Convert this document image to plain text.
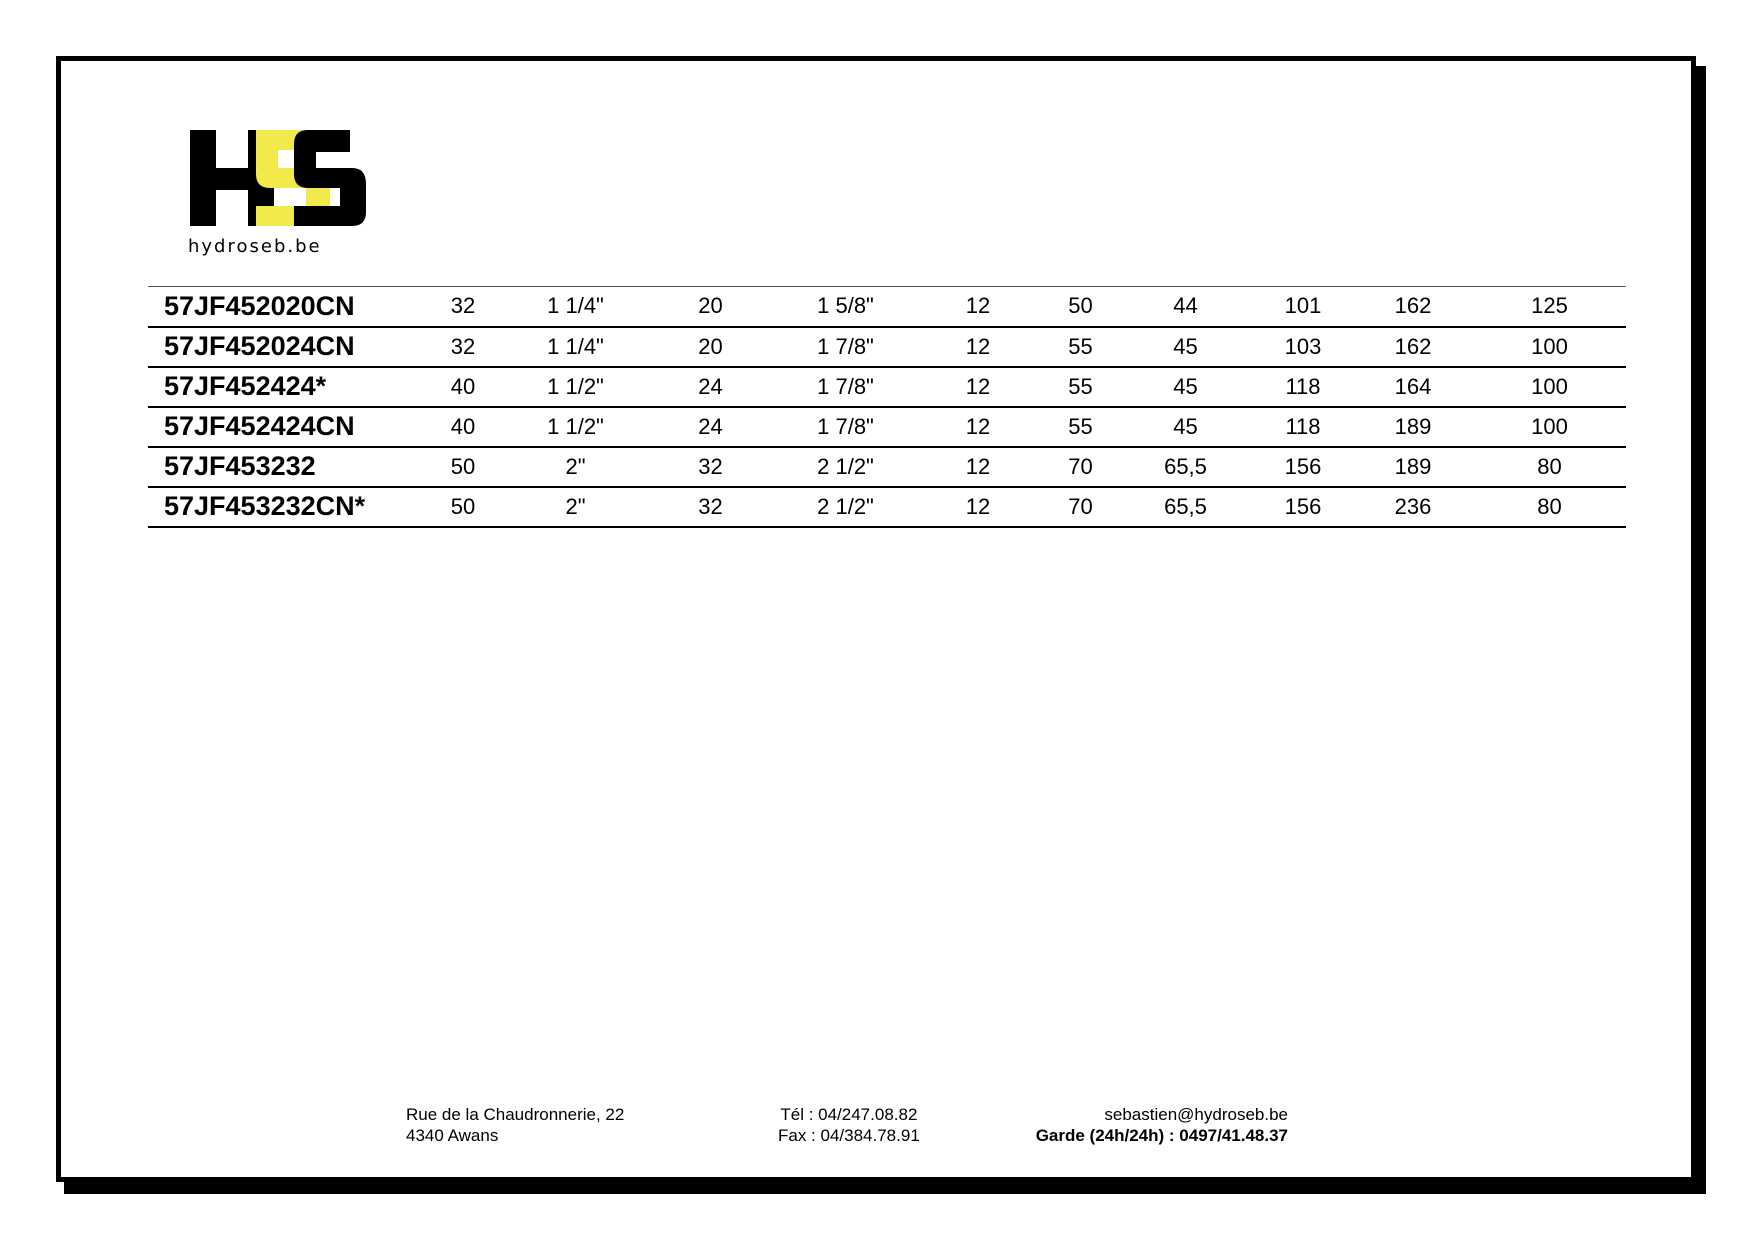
hydroseb.be
57JF452020CN	32	1 1/4"	20	1 5/8"	12	50	44	101	162	125
57JF452024CN	32	1 1/4"	20	1 7/8"	12	55	45	103	162	100
57JF452424*	40	1 1/2"	24	1 7/8"	12	55	45	118	164	100
57JF452424CN	40	1 1/2"	24	1 7/8"	12	55	45	118	189	100
57JF453232	50	2"	32	2 1/2"	12	70	65,5	156	189	80
57JF453232CN*	50	2"	32	2 1/2"	12	70	65,5	156	236	80
Rue de la Chaudronnerie, 22
4340 Awans
Tél : 04/247.08.82
Fax : 04/384.78.91
sebastien@hydroseb.be
Garde (24h/24h) : 0497/41.48.37
